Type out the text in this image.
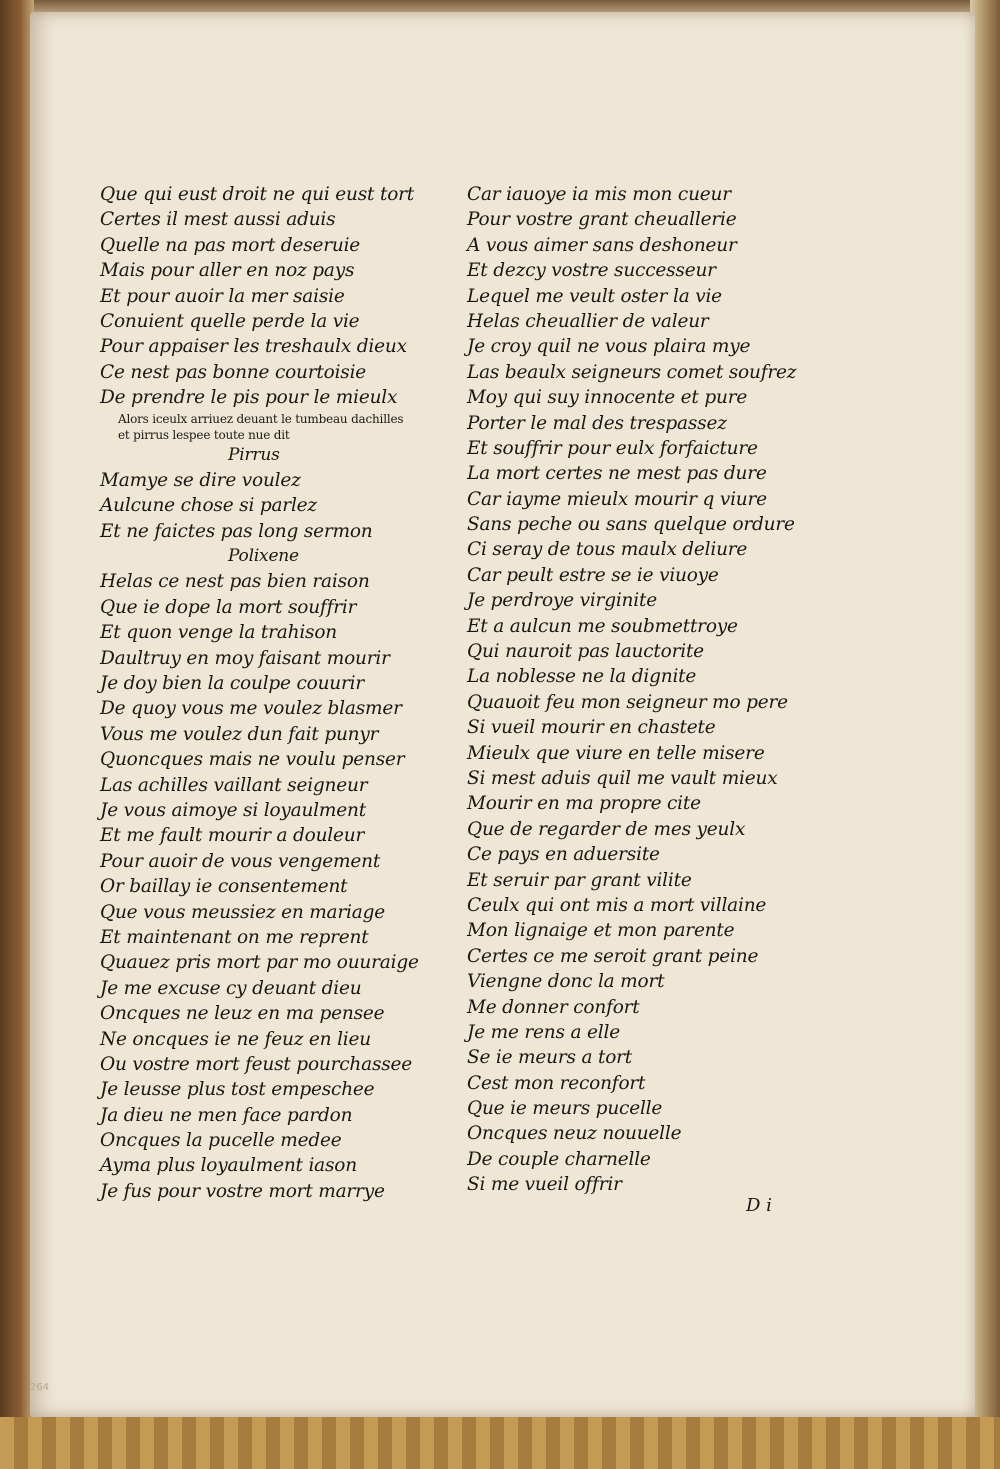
Que qui eust droit ne qui eust tort
Certes il mest aussi aduis
Quelle na pas mort deseruie
Mais pour aller en noz pays
Et pour auoir la mer saisie
Conuient quelle perde la vie
Pour appaiser les treshaulx dieux
Ce nest pas bonne courtoisie
De prendre le pis pour le mieulx
Alors iceulx arriuez deuant le tumbeau dachilles
et pirrus lespee toute nue dit
Pirrus
Mamye se dire voulez
Aulcune chose si parlez
Et ne faictes pas long sermon
Polixene
Helas ce nest pas bien raison
Que ie dope la mort souffrir
Et quon venge la trahison
Daultruy en moy faisant mourir
Je doy bien la coulpe couurir
De quoy vous me voulez blasmer
Vous me voulez dun fait punyr
Quoncques mais ne voulu penser
Las achilles vaillant seigneur
Je vous aimoye si loyaulment
Et me fault mourir a douleur
Pour auoir de vous vengement
Or baillay ie consentement
Que vous meussiez en mariage
Et maintenant on me reprent
Quauez pris mort par mo ouuraige
Je me excuse cy deuant dieu
Oncques ne leuz en ma pensee
Ne oncques ie ne feuz en lieu
Ou vostre mort feust pourchassee
Je leusse plus tost empeschee
Ja dieu ne men face pardon
Oncques la pucelle medee
Ayma plus loyaulment iason
Je fus pour vostre mort marrye
Car iauoye ia mis mon cueur
Pour vostre grant cheuallerie
A vous aimer sans deshoneur
Et dezcy vostre successeur
Lequel me veult oster la vie
Helas cheuallier de valeur
Je croy quil ne vous plaira mye
Las beaulx seigneurs comet soufrez
Moy qui suy innocente et pure
Porter le mal des trespassez
Et souffrir pour eulx forfaicture
La mort certes ne mest pas dure
Car iayme mieulx mourir q viure
Sans peche ou sans quelque ordure
Ci seray de tous maulx deliure
Car peult estre se ie viuoye
Je perdroye virginite
Et a aulcun me soubmettroye
Qui nauroit pas lauctorite
La noblesse ne la dignite
Quauoit feu mon seigneur mo pere
Si vueil mourir en chastete
Mieulx que viure en telle misere
Si mest aduis quil me vault mieux
Mourir en ma propre cite
Que de regarder de mes yeulx
Ce pays en aduersite
Et seruir par grant vilite
Ceulx qui ont mis a mort villaine
Mon lignaige et mon parente
Certes ce me seroit grant peine
Viengne donc la mort
Me donner confort
Je me rens a elle
Se ie meurs a tort
Cest mon reconfort
Que ie meurs pucelle
Oncques neuz nouuelle
De couple charnelle
Si me vueil offrir
D i
264
